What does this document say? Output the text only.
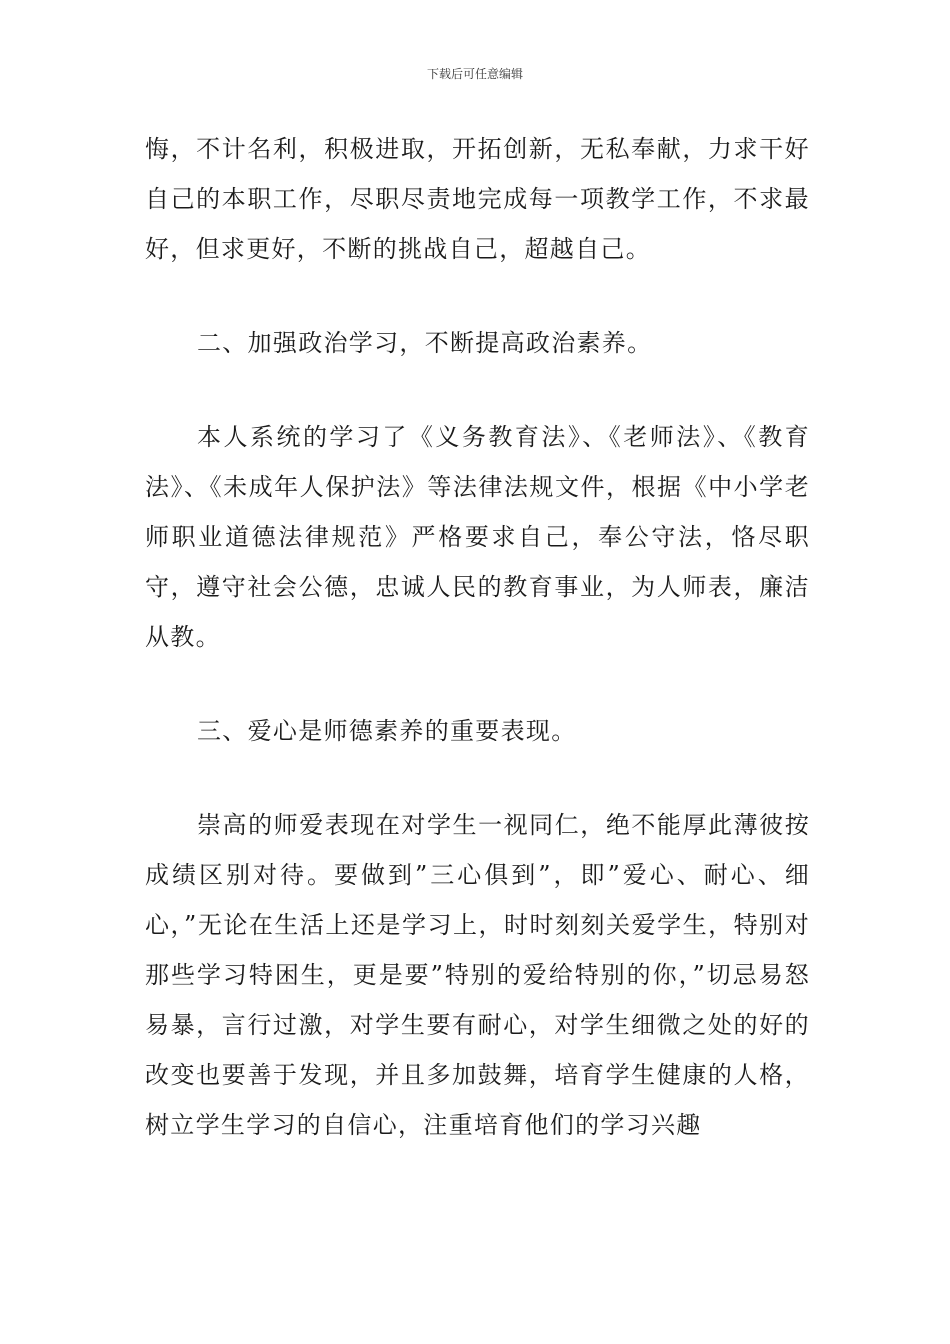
下载后可任意编辑

悔，不计名利，积极进取，开拓创新，无私奉献，力求干好自己的本职工作，尽职尽责地完成每一项教学工作，不求最好，但求更好，不断的挑战自己，超越自己。

二、加强政治学习，不断提高政治素养。

本人系统的学习了《义务教育法》、《老师法》、《教育法》、《未成年人保护法》等法律法规文件，根据《中小学老师职业道德法律规范》严格要求自己，奉公守法，恪尽职守，遵守社会公德，忠诚人民的教育事业，为人师表，廉洁从教。

三、爱心是师德素养的重要表现。

崇高的师爱表现在对学生一视同仁，绝不能厚此薄彼按成绩区别对待。要做到”三心俱到”，即”爱心、耐心、细心，”无论在生活上还是学习上，时时刻刻关爱学生，特别对那些学习特困生，更是要”特别的爱给特别的你，”切忌易怒易暴，言行过激，对学生要有耐心，对学生细微之处的好的改变也要善于发现，并且多加鼓舞，培育学生健康的人格，树立学生学习的自信心，注重培育他们的学习兴趣
